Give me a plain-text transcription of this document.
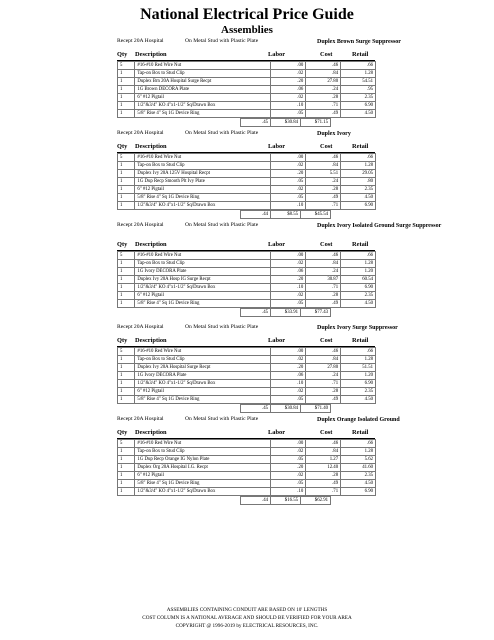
National Electrical Price Guide
Assemblies
Recept 20A Hospital	On Metal Stud with Plastic Plate	Duplex Brown Surge Suppressor
Qty Description	Labor	Cost	Retail
5	#16-#10 Red Wire Nut	.00	.46	.66
1	Tap-on Box to Stud Clip	.02	.84	1.28
1	Duplex Brn 20A Hospital Surge Recpt	.20	27.80	54.51
1	1G Brown DECORA Plate	.06	.24	.95
1	6" #12 Pigtail	.02	.28	2.35
1	1/2"&3/4" KO 4"x1-1/2" Sq/Drawn Box	.10	.71	6.90
1	5/8" Rise 4" Sq 1G Device Ring	.05	.49	4.50
.45	$30.84	$71.15
Recept 20A Hospital	On Metal Stud with Plastic Plate	Duplex Ivory
Qty Description	Labor	Cost	Retail
5	#16-#10 Red Wire Nut	.00	.46	.66
1	Tap-on Box to Stud Clip	.02	.84	1.28
1	Duplex Ivy 20A 125V Hospital Recpt	.20	5.51	29.05
1	1G Dup Recp Smooth Plt Ivy Plate	.05	.24	.80
1	6" #12 Pigtail	.02	.28	2.35
1	5/8" Rise 4" Sq 1G Device Ring	.05	.49	4.50
1	1/2"&3/4" KO 4"x1-1/2" Sq/Drawn Box	.10	.71	6.90
.44	$8.55	$45.54
Recept 20A Hospital	On Metal Stud with Plastic Plate	Duplex Ivory Isolated Ground Surge Suppressor
Qty Description	Labor	Cost	Retail
5	#16-#10 Red Wire Nut	.00	.46	.66
1	Tap-on Box to Stud Clip	.02	.84	1.28
1	1G Ivory DECORA Plate	.06	.24	1.20
1	Duplex Ivy 20A Hosp IG Surge Recpt	.20	30.87	60.54
1	1/2"&3/4" KO 4"x1-1/2" Sq/Drawn Box	.10	.71	6.90
1	6" #12 Pigtail	.02	.28	2.35
1	5/8" Rise 4" Sq 1G Device Ring	.05	.49	4.50
.45	$33.91	$77.43
Recept 20A Hospital	On Metal Stud with Plastic Plate	Duplex Ivory Surge Suppressor
Qty Description	Labor	Cost	Retail
5	#16-#10 Red Wire Nut	.00	.46	.66
1	Tap-on Box to Stud Clip	.02	.84	1.28
1	Duplex Ivy 20A Hospital Surge Recpt	.20	27.80	51.51
1	1G Ivory DECORA Plate	.06	.24	1.20
1	1/2"&3/4" KO 4"x1-1/2" Sq/Drawn Box	.10	.71	6.90
1	6" #12 Pigtail	.02	.28	2.35
1	5/8" Rise 4" Sq 1G Device Ring	.05	.49	4.50
.45	$30.84	$71.40
Recept 20A Hospital	On Metal Stud with Plastic Plate	Duplex Orange Isolated Ground
Qty Description	Labor	Cost	Retail
5	#16-#10 Red Wire Nut	.00	.46	.66
1	Tap-on Box to Stud Clip	.02	.84	1.28
1	1G Dup Recp Orange IG Nylon Plate	.05	1.27	5.62
1	Duplex Org 20A Hospital I.G. Recpt	.20	12.40	41.60
1	6" #12 Pigtail	.02	.28	2.35
1	5/8" Rise 4" Sq 1G Device Ring	.05	.49	4.50
1	1/2"&3/4" KO 4"x1-1/2" Sq/Drawn Box	.10	.71	6.90
.44	$16.55	$62.91
ASSEMBLIES CONTAINING CONDUIT ARE BASED ON 10' LENGTHS
COST COLUMN IS A NATIONAL AVERAGE AND SHOULD BE VERIFIED FOR YOUR AREA
COPYRIGHT @ 1996-2019 by ELECTRICAL RESOURCES, INC.
